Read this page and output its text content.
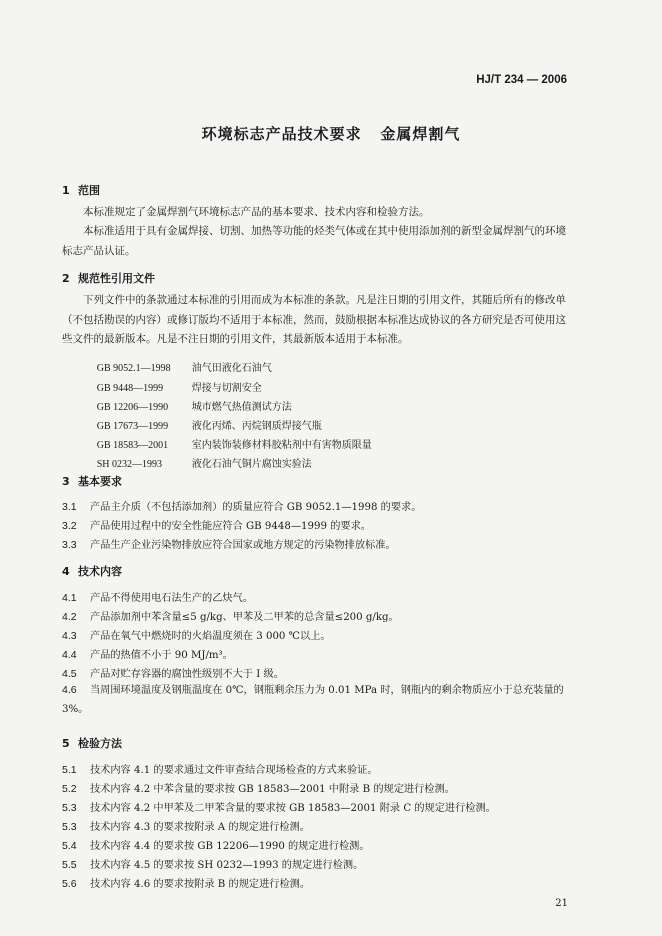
HJ/T 234 — 2006
环境标志产品技术要求   金属焊割气
1 范围
本标准规定了金属焊割气环境标志产品的基本要求、技术内容和检验方法。
本标准适用于具有金属焊接、切割、加热等功能的烃类气体或在其中使用添加剂的新型金属焊割气的环境标志产品认证。
2 规范性引用文件
下列文件中的条款通过本标准的引用而成为本标准的条款。凡是注日期的引用文件，其随后所有的修改单（不包括勘误的内容）或修订版均不适用于本标准，然而，鼓励根据本标准达成协议的各方研究是否可使用这些文件的最新版本。凡是不注日期的引用文件，其最新版本适用于本标准。

GB 9052.1—1998 油气田液化石油气

GB 9448—1999	焊接与切割安全

GB 12206—1990 城市燃气热值测试方法

GB 17673—1999 液化丙烯、丙烷钢质焊接气瓶

GB 18583—2001 室内装饰装修材料胶粘剂中有害物质限量

SH 0232—1993	液化石油气铜片腐蚀实验法

3 基本要求
3.1 产品主介质（不包括添加剂）的质量应符合 GB 9052.1—1998 的要求。
3.2 产品使用过程中的安全性能应符合 GB 9448—1999 的要求。
3.3 产品生产企业污染物排放应符合国家或地方规定的污染物排放标准。
4 技术内容
4.1 产品不得使用电石法生产的乙炔气。
4.2 产品添加剂中苯含量≤5 g/kg、甲苯及二甲苯的总含量≤200 g/kg。
4.3 产品在氧气中燃烧时的火焰温度须在 3 000 ℃以上。
4.4 产品的热值不小于 90 MJ/m³。
4.5 产品对贮存容器的腐蚀性级别不大于 Ⅰ 级。
4.6 当周围环境温度及钢瓶温度在 0℃，钢瓶剩余压力为 0.01 MPa 时，钢瓶内的剩余物质应小于总充装量的 3%。
5 检验方法
5.1 技术内容 4.1 的要求通过文件审查结合现场检查的方式来验证。
5.2 技术内容 4.2 中苯含量的要求按 GB 18583—2001 中附录 B 的规定进行检测。
5.3 技术内容 4.2 中甲苯及二甲苯含量的要求按 GB 18583—2001 附录 C 的规定进行检测。
5.3 技术内容 4.3 的要求按附录 A 的规定进行检测。
5.4 技术内容 4.4 的要求按 GB 12206—1990 的规定进行检测。
5.5 技术内容 4.5 的要求按 SH 0232—1993 的规定进行检测。
5.6 技术内容 4.6 的要求按附录 B 的规定进行检测。
21
